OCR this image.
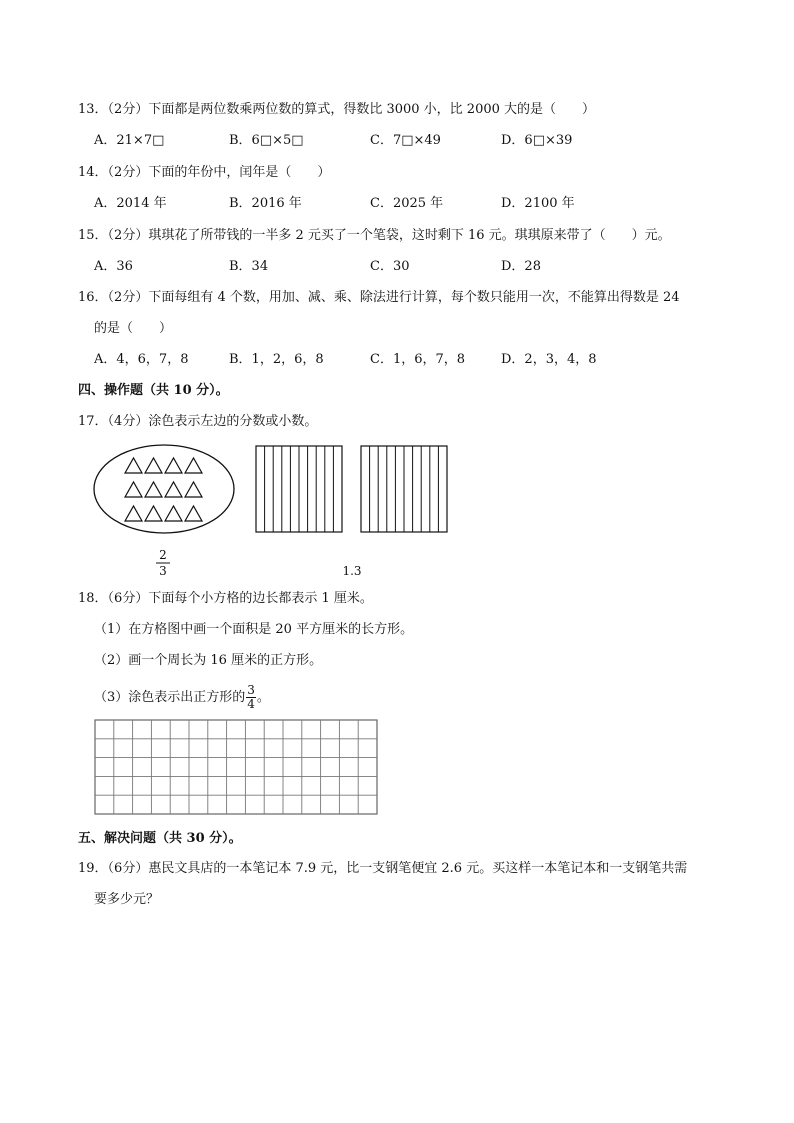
13．（2分）下面都是两位数乘两位数的算式，得数比 3000 小，比 2000 大的是（　　）
A．21×7□	B．6□×5□	C．7□×49	D．6□×39
14．（2分）下面的年份中，闰年是（　　）
A．2014 年	B．2016 年	C．2025 年	D．2100 年
15．（2分）琪琪花了所带钱的一半多 2 元买了一个笔袋，这时剩下 16 元。琪琪原来带了（　　）元。
A．36	B．34	C．30	D．28
16．（2分）下面每组有 4 个数，用加、减、乘、除法进行计算，每个数只能用一次，不能算出得数是 24
的是（　　）
A．4，6，7，8	B．1，2，6，8	C．1，6，7，8	D．2，3，4，8
四、操作题（共 10 分）。
17．（4分）涂色表示左边的分数或小数。
2
3	1.3
18．（6分）下面每个小方格的边长都表示 1 厘米。
（1）在方格图中画一个面积是 20 平方厘米的长方形。
（2）画一个周长为 16 厘米的正方形。
（3）涂色表示出正方形的 $\frac{3}{4}$ 。
五、解决问题（共 30 分）。
19．（6分）惠民文具店的一本笔记本 7.9 元，比一支钢笔便宜 2.6 元。买这样一本笔记本和一支钢笔共需
要多少元？
